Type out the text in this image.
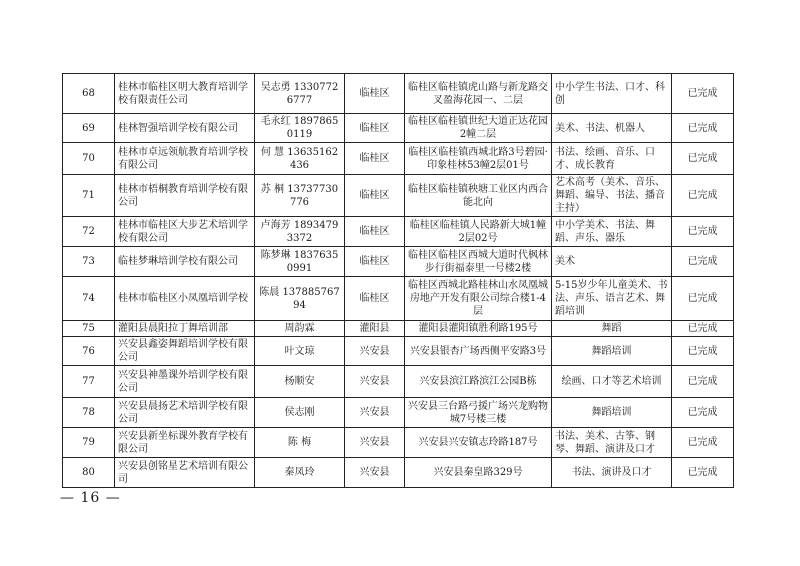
68	桂林市临桂区明大教育培训学校有限责任公司	吴志勇 13307726777	临桂区	临桂区临桂镇虎山路与新龙路交叉盈海花园一、二层	中小学生书法、口才、科创	已完成
69	桂林智强培训学校有限公司	毛永红 18978650119	临桂区	临桂区临桂镇世纪大道正达花园2幢二层	美术、书法、机器人	已完成
70	桂林市卓远领航教育培训学校有限公司	何 慧 13635162436	临桂区	临桂区临桂镇西城北路3号碧园·印象桂林53幢2层01号	书法、绘画、音乐、口才、成长教育	已完成
71	桂林市梧桐教育培训学校有限公司	苏 桐 13737730776	临桂区	临桂区临桂镇秧塘工业区内西合能北向	艺术高考（美术、音乐、舞蹈、编导、书法、播音主持）	已完成
72	桂林市临桂区大步艺术培训学校有限公司	卢海芳 18934793372	临桂区	临桂区临桂镇人民路新大城1幢2层02号	中小学美术、书法、舞蹈、声乐、器乐	已完成
73	临桂梦琳培训学校有限公司	陈梦琳 18376350991	临桂区	临桂区临桂区西城大道时代枫林步行街福泰里一号楼2楼	美术	已完成
74	桂林市临桂区小凤凰培训学校	陈晨 13788576794	临桂区	临桂区西城北路桂林山水凤凰城房地产开发有限公司综合楼1-4层	5-15岁少年儿童美术、书法、声乐、语言艺术、舞蹈培训	已完成
75	灌阳县晨阳拉丁舞培训部	周韵霖	灌阳县	灌阳县灌阳镇胜利路195号	舞蹈	已完成
76	兴安县鑫姿舞蹈培训学校有限公司	叶文琼	兴安县	兴安县银杏广场西侧平安路3号	舞蹈培训	已完成
77	兴安县神墨课外培训学校有限公司	杨顺安	兴安县	兴安县滨江路滨江公园B栋	绘画、口才等艺术培训	已完成
78	兴安县晨扬艺术培训学校有限公司	侯志刚	兴安县	兴安县三台路弓援广场兴龙购物城7号楼三楼	舞蹈培训	已完成
79	兴安县新坐标课外教育学校有限公司	陈 梅	兴安县	兴安县兴安镇志玲路187号	书法、美术、古筝、钢琴、舞蹈、演讲及口才	已完成
80	兴安县创铭星艺术培训有限公司	秦凤玲	兴安县	兴安县秦皇路329号	书法、演讲及口才	已完成
— 16 —
